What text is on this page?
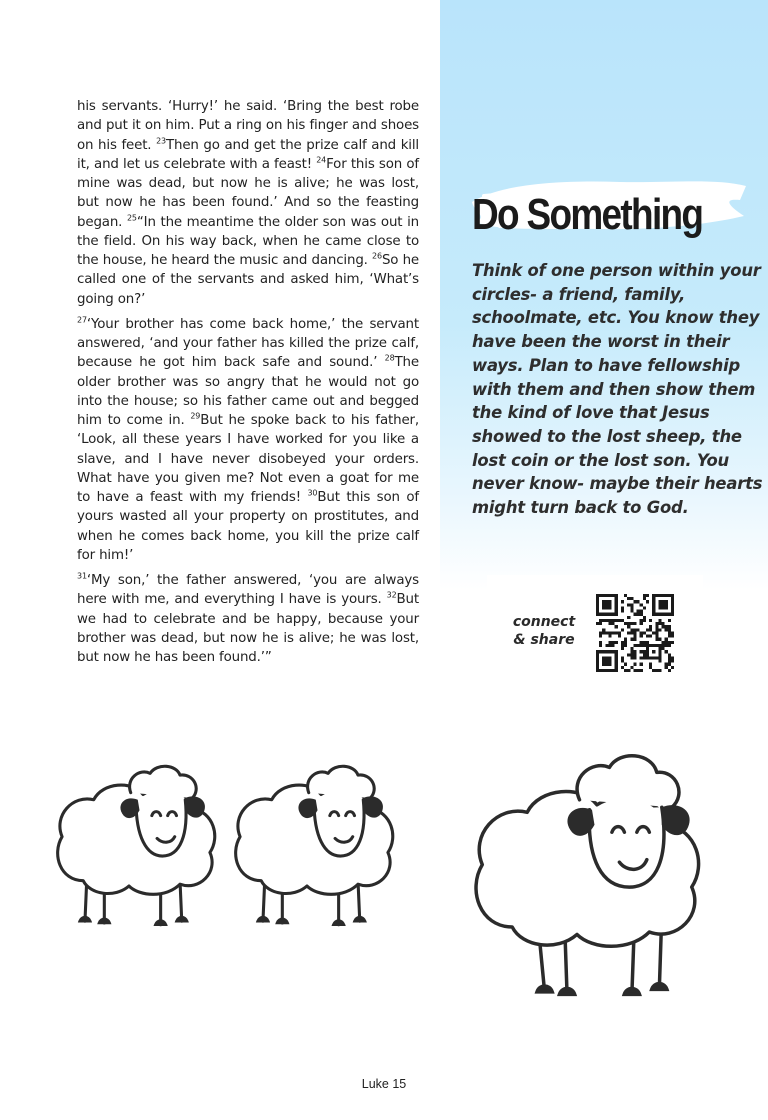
Do Something

Think of one person within your circles- a friend, family, schoolmate, etc. You know they have been the worst in their ways. Plan to have fellowship with them and then show them the kind of love that Jesus showed to the lost sheep, the lost coin or the lost son. You never know- maybe their hearts might turn back to God.

his servants. ‘Hurry!’ he said. ‘Bring the best robe and put it on him. Put a ring on his finger and shoes on his feet. $^{23}$Then go and get the prize calf and kill it, and let us celebrate with a feast! $^{24}$For this son of mine was dead, but now he is alive; he was lost, but now he has been found.’ And so the feasting began. $^{25}$“In the meantime the older son was out in the field. On his way back, when he came close to the house, he heard the music and dancing. $^{26}$So he called one of the servants and asked him, ‘What’s going on?’

$^{27}$‘Your brother has come back home,’ the servant answered, ‘and your father has killed the prize calf, because he got him back safe and sound.’ $^{28}$The older brother was so angry that he would not go into the house; so his father came out and begged him to come in. $^{29}$But he spoke back to his father, ‘Look, all these years I have worked for you like a slave, and I have never disobeyed your orders. What have you given me? Not even a goat for me to have a feast with my friends! $^{30}$But this son of yours wasted all your property on prostitutes, and when he comes back home, you kill the prize calf for him!’

$^{31}$‘My son,’ the father answered, ‘you are always here with me, and everything I have is yours. $^{32}$But we had to celebrate and be happy, because your brother was dead, but now he is alive; he was lost, but now he has been found.’”

connect
& share
Luke 15
